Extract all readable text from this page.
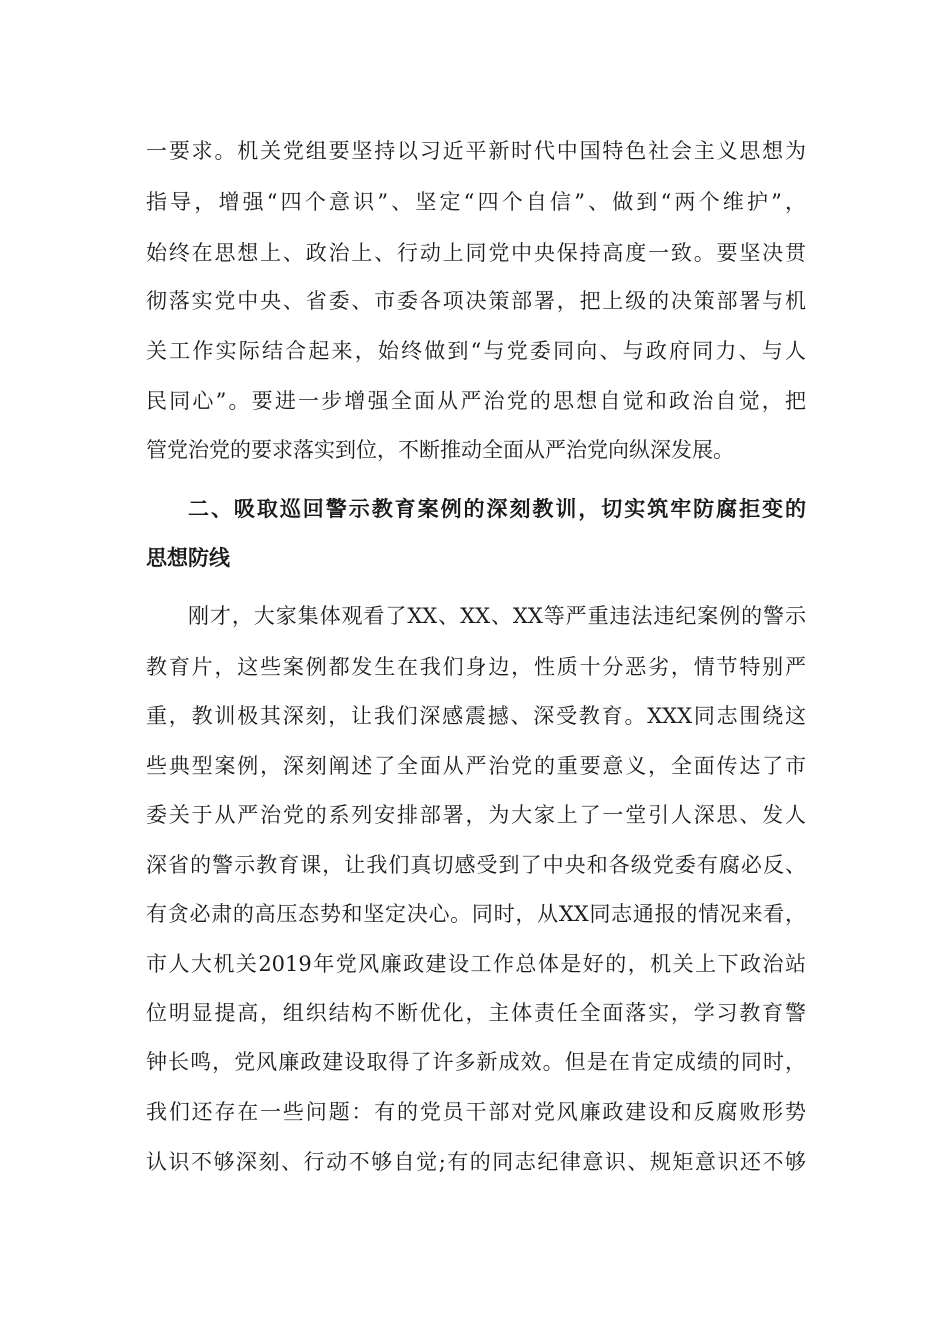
一要求。机关党组要坚持以习近平新时代中国特色社会主义思想为
指导，增强“四个意识”、坚定“四个自信”、做到“两个维护”，
始终在思想上、政治上、行动上同党中央保持高度一致。要坚决贯
彻落实党中央、省委、市委各项决策部署，把上级的决策部署与机
关工作实际结合起来，始终做到“与党委同向、与政府同力、与人
民同心”。要进一步增强全面从严治党的思想自觉和政治自觉，把
管党治党的要求落实到位，不断推动全面从严治党向纵深发展。
二、吸取巡回警示教育案例的深刻教训，切实筑牢防腐拒变的
思想防线
刚才，大家集体观看了XX、XX、XX等严重违法违纪案例的警示
教育片，这些案例都发生在我们身边，性质十分恶劣，情节特别严
重，教训极其深刻，让我们深感震撼、深受教育。XXX同志围绕这
些典型案例，深刻阐述了全面从严治党的重要意义，全面传达了市
委关于从严治党的系列安排部署，为大家上了一堂引人深思、发人
深省的警示教育课，让我们真切感受到了中央和各级党委有腐必反、
有贪必肃的高压态势和坚定决心。同时，从XX同志通报的情况来看，
市人大机关2019年党风廉政建设工作总体是好的，机关上下政治站
位明显提高，组织结构不断优化，主体责任全面落实，学习教育警
钟长鸣，党风廉政建设取得了许多新成效。但是在肯定成绩的同时，
我们还存在一些问题：有的党员干部对党风廉政建设和反腐败形势
认识不够深刻、行动不够自觉;有的同志纪律意识、规矩意识还不够
